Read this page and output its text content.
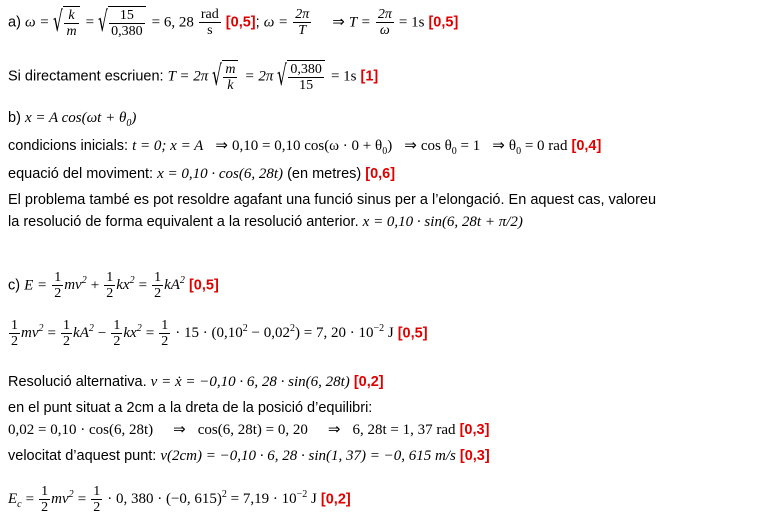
a) ω = √ $\frac{k}{m}$ = √ $\frac{15}{0,380} = 6$, $28 \frac{\text{rad}}{s} [0,5]$; $\omega = \frac{2\pi}{T}$ ⇒ $T = \frac{2\pi}{\omega} = 1s$ [0,5]
Si directament escriuen: T = 2π √ $\frac{m}{k} = 2\pi$ √ $\frac{0,380}{15} = 1s$ [1]
b) x = A $\cos(\omega t + \theta_0)$
condicions inicials: t = 0; x = A ⇒ 0,10 = 0,10 $\cos(\omega \cdot 0 + \theta_0)$ ⇒ $\cos \theta_0 = 1$ ⇒ $\theta_0 = 0$ rad [0,4]
equació del moviment: x = 0,10 · cos(6, 28t) (en metres) [0,6]
El problema també es pot resoldre agafant una funció sinus per a l’elongació. En aquest cas, valoreu
la resolució de forma equivalent a la resolució anterior. x = 0,10 · sin(6, 28t + π/2)
c) $E = \frac{1}{2} mv^2 + \frac{1}{2} kx^2 = \frac{1}{2} kA^2$ [0,5]
$\frac{1}{2} mv^2 = \frac{1}{2} kA^2 - \frac{1}{2} kx^2 = \frac{1}{2} \cdot 15 \cdot (0,10^2 - 0,02^2) = 7$, $20 \cdot 10^{-2}$ J [0,5]
Resolució alternativa. v = ẋ = −0,10 · 6, 28 · sin(6, 28t) [0,2]
en el punt situat a 2cm a la dreta de la posició d’equilibri:
0,02 = 0,10 · cos(6, 28t) ⇒ cos(6, 28t) = 0, 20 ⇒ 6, 28t = 1, 37 rad [0,3]
velocitat d’aquest punt: v(2cm) = −0,10 · 6, 28 · sin(1, 37) = −0, 615 m/s [0,3]
$E_c = \frac{1}{2} mv^2 = \frac{1}{2} \cdot 0$, 380 · (−0, $615)^2 = 7,19 \cdot 10^{-2}$ J [0,2]
